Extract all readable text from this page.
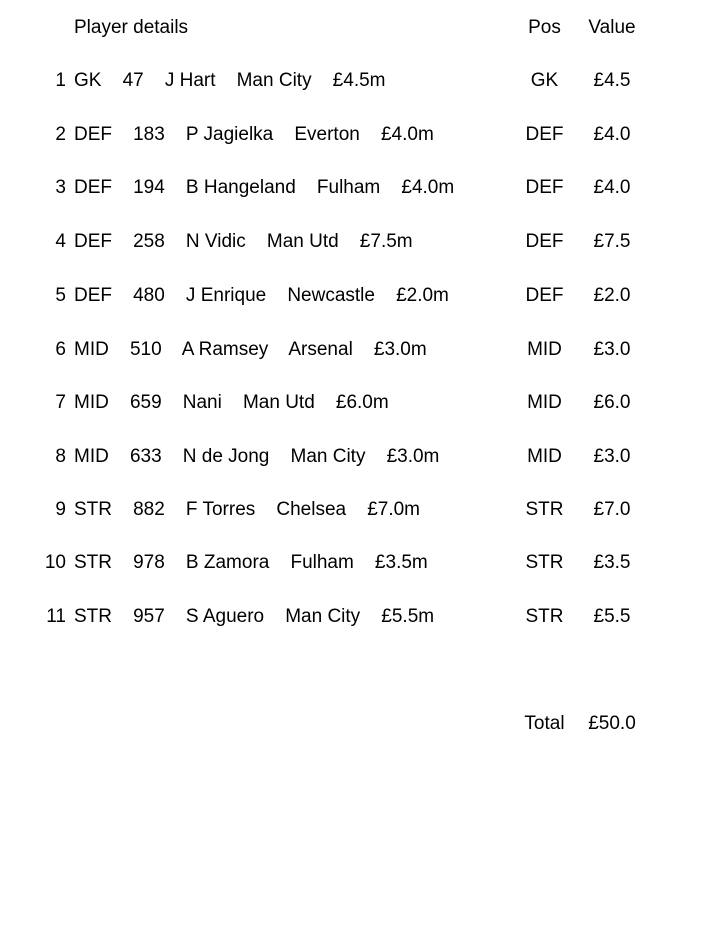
Player details	Pos	Value
1 GK    47    J Hart    Man City    £4.5m	GK	£4.5
2 DEF    183    P Jagielka    Everton    £4.0m	DEF	£4.0
3 DEF    194    B Hangeland    Fulham    £4.0m	DEF	£4.0
4 DEF    258    N Vidic    Man Utd    £7.5m	DEF	£7.5
5 DEF    480    J Enrique    Newcastle    £2.0m	DEF	£2.0
6 MID    510    A Ramsey    Arsenal    £3.0m	MID	£3.0
7 MID    659    Nani    Man Utd    £6.0m	MID	£6.0
8 MID    633    N de Jong    Man City    £3.0m	MID	£3.0
9 STR    882    F Torres    Chelsea    £7.0m	STR	£7.0
10 STR    978    B Zamora    Fulham    £3.5m	STR	£3.5
11 STR    957    S Aguero    Man City    £5.5m	STR	£5.5
Total	£50.0
